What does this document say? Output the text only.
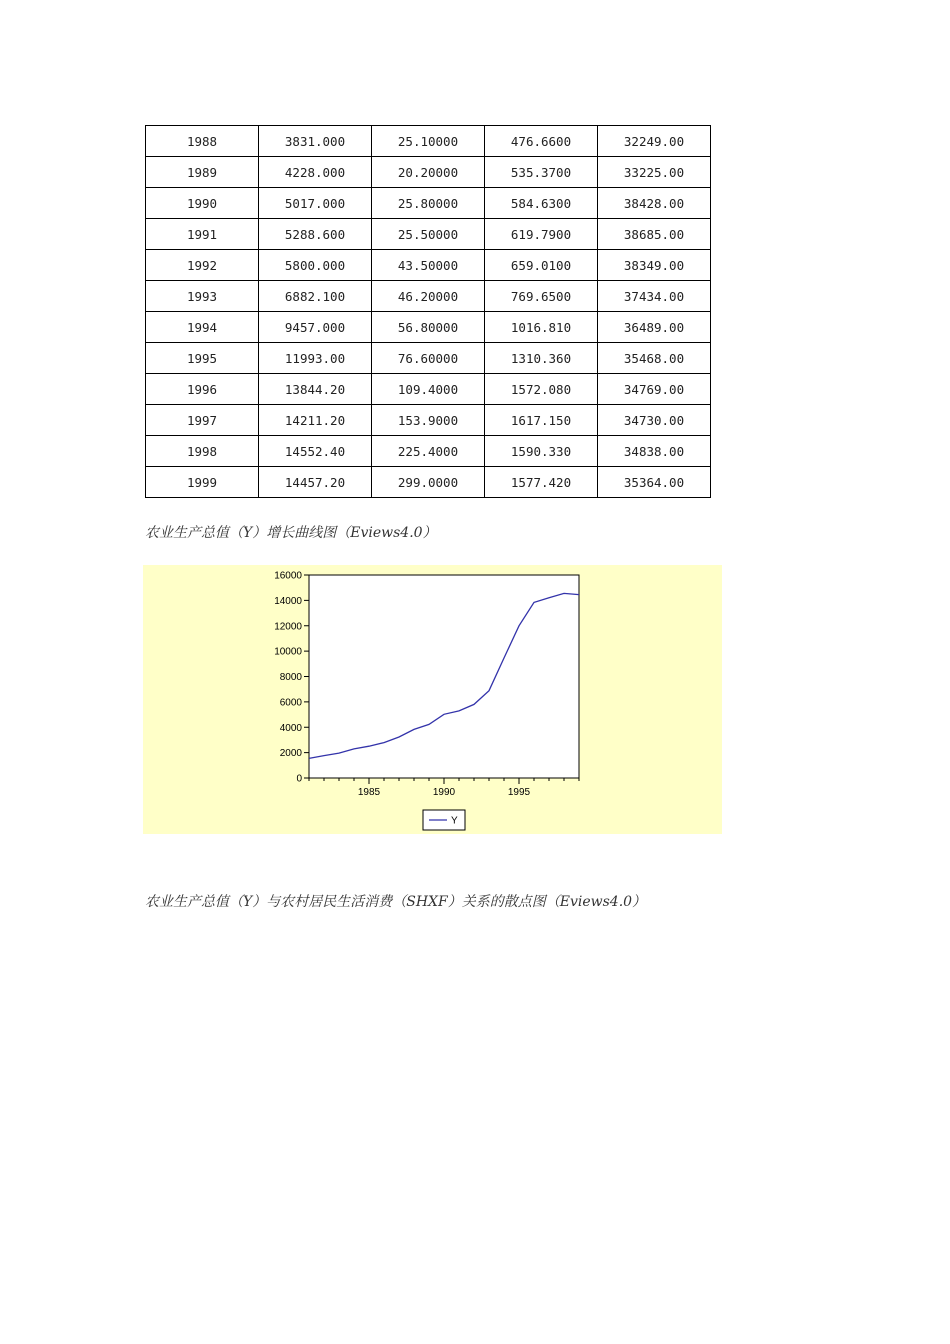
1988	3831.000	25.10000	476.6600	32249.00
1989	4228.000	20.20000	535.3700	33225.00
1990	5017.000	25.80000	584.6300	38428.00
1991	5288.600	25.50000	619.7900	38685.00
1992	5800.000	43.50000	659.0100	38349.00
1993	6882.100	46.20000	769.6500	37434.00
1994	9457.000	56.80000	1016.810	36489.00
1995	11993.00	76.60000	1310.360	35468.00
1996	13844.20	109.4000	1572.080	34769.00
1997	14211.20	153.9000	1617.150	34730.00
1998	14552.40	225.4000	1590.330	34838.00
1999	14457.20	299.0000	1577.420	35364.00
农业生产总值（Y）增长曲线图（Eviews4.0）
0
2000
4000
6000
8000
10000
12000
14000
16000
1985	1990	1995
Y
农业生产总值（Y）与农村居民生活消费（SHXF）关系的散点图（Eviews4.0）
